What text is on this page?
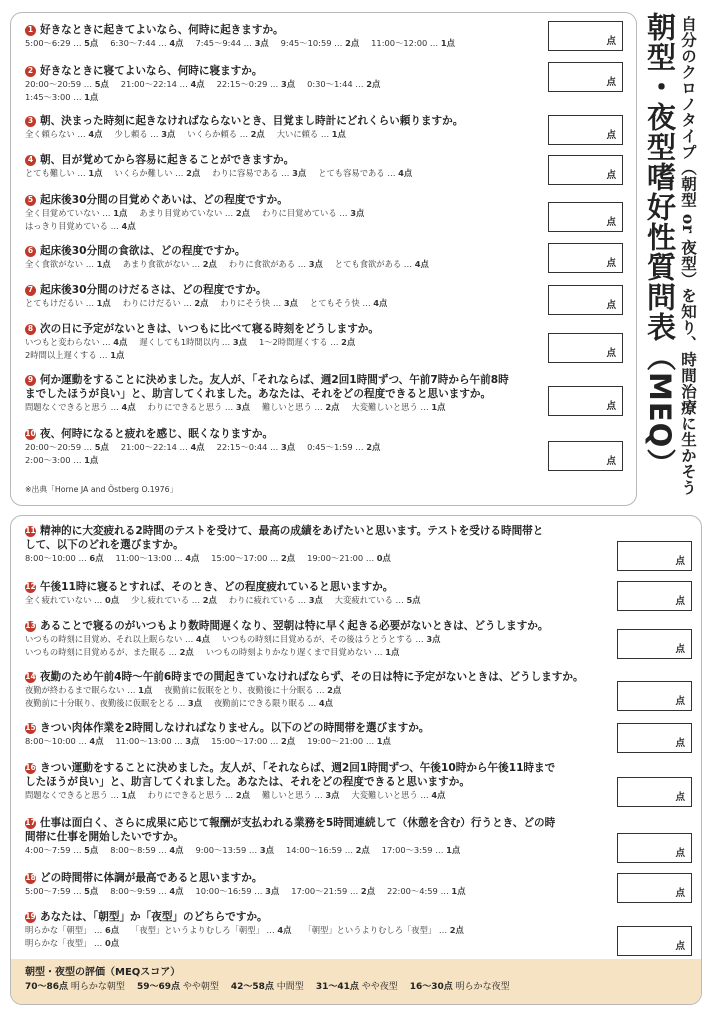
自分のクロノタイプ（朝型 or 夜型）を知り、時間治療に生かそう
朝型・夜型嗜好性質問表（MEQ）
1 好きなときに起きてよいなら、何時に起きますか。
5:00〜6:29 … 5点 6:30〜7:44 … 4点 7:45〜9:44 … 3点 9:45〜10:59 … 2点 11:00〜12:00 … 1点	点
2 好きなときに寝てよいなら、何時に寝ますか。
20:00〜20:59 … 5点 21:00〜22:14 … 4点 22:15〜0:29 … 3点 0:30〜1:44 … 2点
1:45〜3:00 … 1点
点
3 朝、決まった時刻に起きなければならないとき、目覚まし時計にどれくらい頼りますか。
全く頼らない … 4点 少し頼る … 3点 いくらか頼る … 2点 大いに頼る … 1点	点
4 朝、目が覚めてから容易に起きることができますか。
とても難しい … 1点 いくらか難しい … 2点 わりに容易である … 3点 とても容易である … 4点	点
5 起床後30分間の目覚めぐあいは、どの程度ですか。
全く目覚めていない … 1点 あまり目覚めていない … 2点 わりに目覚めている … 3点
はっきり目覚めている … 4点	点
6 起床後30分間の食欲は、どの程度ですか。
全く食欲がない … 1点 あまり食欲がない … 2点 わりに食欲がある … 3点 とても食欲がある … 4点	点
7 起床後30分間のけだるさは、どの程度ですか。
とてもけだるい … 1点 わりにけだるい … 2点 わりにそう快 … 3点 とてもそう快 … 4点	点
8 次の日に予定がないときは、いつもに比べて寝る時刻をどうしますか。
いつもと変わらない … 4点 遅くしても1時間以内 … 3点 1〜2時間遅くする … 2点
2時間以上遅くする … 1点	点
9 何か運動をすることに決めました。友人が、「それならば、週2回1時間ずつ、午前7時から午前8時
までしたほうが良い」と、助言してくれました。あなたは、それをどの程度できると思いますか。
問題なくできると思う … 4点 わりにできると思う … 3点 難しいと思う … 2点 大変難しいと思う … 1点	点
10 夜、何時になると疲れを感じ、眠くなりますか。
20:00〜20:59 … 5点 21:00〜22:14 … 4点 22:15〜0:44 … 3点 0:45〜1:59 … 2点
2:00〜3:00 … 1点	点
※出典「Horne JA and Östberg O.1976」
朝型・夜型の評価（MEQスコア）
70〜86点 明らかな朝型 59〜69点 やや朝型 42〜58点 中間型 31〜41点 やや夜型 16〜30点 明らかな夜型
11 精神的に大変疲れる2時間のテストを受けて、最高の成績をあげたいと思います。テストを受ける時間帯と
して、以下のどれを選びますか。
8:00〜10:00 … 6点 11:00〜13:00 … 4点 15:00〜17:00 … 2点 19:00〜21:00 … 0点	点
12 午後11時に寝るとすれば、そのとき、どの程度疲れていると思いますか。
全く疲れていない … 0点 少し疲れている … 2点 わりに疲れている … 3点 大変疲れている … 5点	点
13 あることで寝るのがいつもより数時間遅くなり、翌朝は特に早く起きる必要がないときは、どうしますか。
いつもの時刻に目覚め、それ以上眠らない … 4点 いつもの時刻に目覚めるが、その後はうとうとする … 3点
いつもの時刻に目覚めるが、また眠る … 2点 いつもの時刻よりかなり遅くまで目覚めない … 1点	点
14 夜勤のため午前4時〜午前6時までの間起きていなければならず、その日は特に予定がないときは、どうしますか。
夜勤が終わるまで眠らない … 1点 夜勤前に仮眠をとり、夜勤後に十分眠る … 2点
夜勤前に十分眠り、夜勤後に仮眠をとる … 3点 夜勤前にできる限り眠る … 4点	点
15 きつい肉体作業を2時間しなければなりません。以下のどの時間帯を選びますか。
8:00〜10:00 … 4点 11:00〜13:00 … 3点 15:00〜17:00 … 2点 19:00〜21:00 … 1点	点
16 きつい運動をすることに決めました。友人が、「それならば、週2回1時間ずつ、午後10時から午後11時まで
したほうが良い」と、助言してくれました。あなたは、それをどの程度できると思いますか。
問題なくできると思う … 1点 わりにできると思う … 2点 難しいと思う … 3点 大変難しいと思う … 4点	点
17 仕事は面白く、さらに成果に応じて報酬が支払われる業務を5時間連続して（休憩を含む）行うとき、どの時
間帯に仕事を開始したいですか。
4:00〜7:59 … 5点 8:00〜8:59 … 4点 9:00〜13:59 … 3点 14:00〜16:59 … 2点 17:00〜3:59 … 1点	点
18 どの時間帯に体調が最高であると思いますか。
5:00〜7:59 … 5点 8:00〜9:59 … 4点 10:00〜16:59 … 3点 17:00〜21:59 … 2点 22:00〜4:59 … 1点	点
19 あなたは、「朝型」か「夜型」のどちらですか。
明らかな「朝型」 … 6点 「夜型」というよりむしろ「朝型」 … 4点 「朝型」というよりむしろ「夜型」 … 2点
明らかな「夜型」 … 0点	点
